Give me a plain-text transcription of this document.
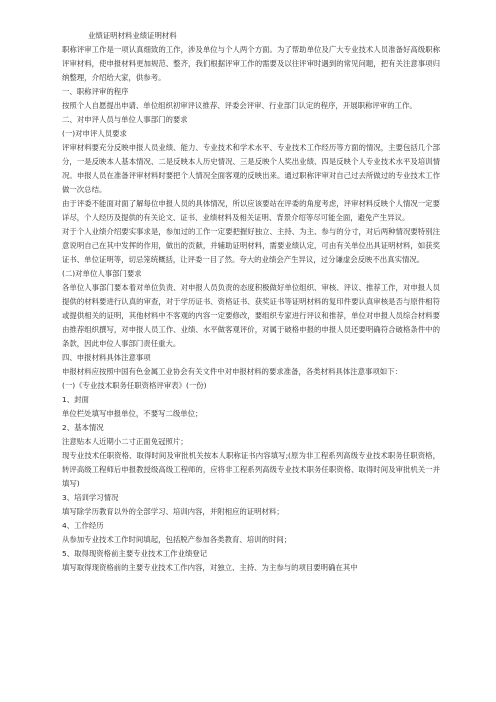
业绩证明材料业绩证明材料

职称评审工作是一项认真细致的工作，涉及单位与个人两个方面。为了帮助单位及广大专业技术人员准备好高级职称评审材料，使申报材料更加规范、整齐，我们根据评审工作的需要及以往评审时遇到的常见问题，把有关注意事项归纳整理，介绍给大家，供参考。

一、职称评审的程序

按照个人自愿提出申请、单位组织初审评议推荐、评委会评审、行业部门认定的程序，开展职称评审的工作。

二、对申评人员与单位人事部门的要求

(一)对申评人员要求

评审材料要充分反映申报人员业绩、能力、专业技术和学术水平、专业技术工作经历等方面的情况，主要包括几个部分，一是反映本人基本情况、二是反映本人历史情况、三是反映个人奖出业绩、四是反映个人专业技术水平及培训情况。申报人员在准备评审材料时要把个人情况全面客观的反映出来。通过职称评审对自己过去所做过的专业技术工作做一次总结。

由于评委不能面对面了解每位申报人员的具体情况，所以应该要站在评委的角度考虑，评审材料反映个人情况一定要详尽，个人经历及提供的有关论文、证书、业绩材料及相关证明、背景介绍等尽可能全面，避免产生异议。

对于个人业绩介绍要实事求是，参加过的工作一定要把握好独立、主持、为主、参与的分寸，对后两种情况要特别注意说明自己在其中发挥的作用，做出的贡献，并辅助证明材料，需要业绩认定，可由有关单位出具证明材料，如获奖证书、单位证明等，切忌笼统概括，让评委一目了然。夸大的业绩会产生异议，过分谦虚会反映不出真实情况。

(二)对单位人事部门要求

各单位人事部门要本着对单位负责、对申报人员负责的态度积极做好单位组织、审核、评议、推荐工作，对申报人员提供的材料要进行认真的审查，对于学历证书、资格证书、获奖证书等证明材料的复印件要认真审核是否与原件相符或提供相关的证明，其他材料中不客观的内容一定要修改，要组织专家进行评议和推荐，单位对申报人员综合材料要由推荐组织撰写，对申报人员工作、业绩、水平做客观评价，对属于破格申报的申报人员还要明确符合破格条件中的条款，因此申位人事部门责任重大。

四、申报材料具体注意事项

申报材料应按照中国有色金属工业协会有关文件中对申报材料的要求准备，各类材料具体注意事项如下：

(一)《专业技术职务任职资格评审表》(一份)

1、封面

单位栏处填写申报单位，不要写二级单位；

2、基本情况

注意贴本人近期小二寸正面免冠照片；

现专业技术任职资格、取得时间及审批机关按本人职称证书内容填写;(原为非工程系列高级专业技术职务任职资格，转评高级工程师后申报教授级高级工程师的，应将非工程系列高级专业技术职务任职资格、取得时间及审批机关一并填写)

3、培训学习情况

填写除学历教育以外的全部学习、培训内容，并附相应的证明材料；

4、工作经历

从参加专业技术工作时间填起，包括脱产参加各类教育、培训的时间；

5、取得现资格前主要专业技术工作业绩登记

填写取得现资格前的主要专业技术工作内容，对独立、主持、为主参与的项目要明确在其中
